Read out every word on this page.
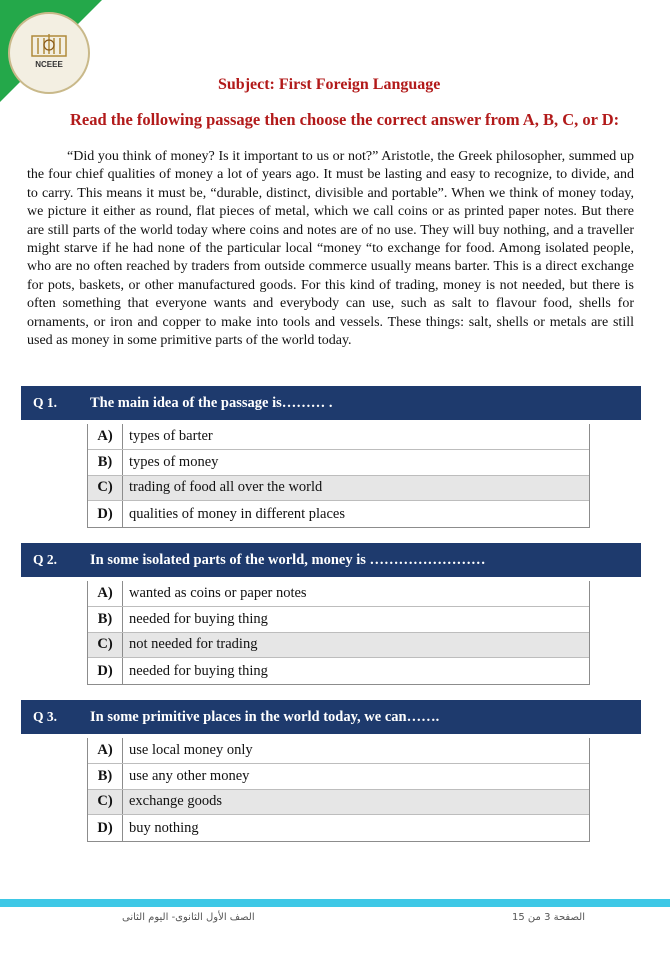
NCEEE
Subject: First Foreign Language
Read the following passage then choose the correct answer from A, B, C, or D:
“Did you think of money? Is it important to us or not?” Aristotle, the Greek philosopher, summed up the four chief qualities of money a lot of years ago. It must be lasting and easy to recognize, to divide, and to carry. This means it must be, “durable, distinct, divisible and portable”. When we think of money today, we picture it either as round, flat pieces of metal, which we call coins or as printed paper notes. But there are still parts of the world today where coins and notes are of no use. They will buy nothing, and a traveller might starve if he had none of the particular local “money “to exchange for food. Among isolated people, who are no often reached by traders from outside commerce usually means barter. This is a direct exchange for pots, baskets, or other manufactured goods. For this kind of trading, money is not needed, but there is often something that everyone wants and everybody can use, such as salt to flavour food, shells for ornaments, or iron and copper to make into tools and vessels. These things: salt, shells or metals are still used as money in some primitive parts of the world today.
Q 1.	The main idea of the passage is……… .
A)	types of barter
B)	types of money
C)	trading of food all over the world
D)	qualities of money in different places
Q 2.	In some isolated parts of the world, money is ……………………
A)	wanted as coins or paper notes
B)	needed for buying thing
C)	not needed for trading
D)	needed for buying thing
Q 3.	In some primitive places in the world today, we can…….
A)	use local money only
B)	use any other money
C)	exchange goods
D)	buy nothing
الصف الأول الثانوى- اليوم الثانى	الصفحة 3 من 15
